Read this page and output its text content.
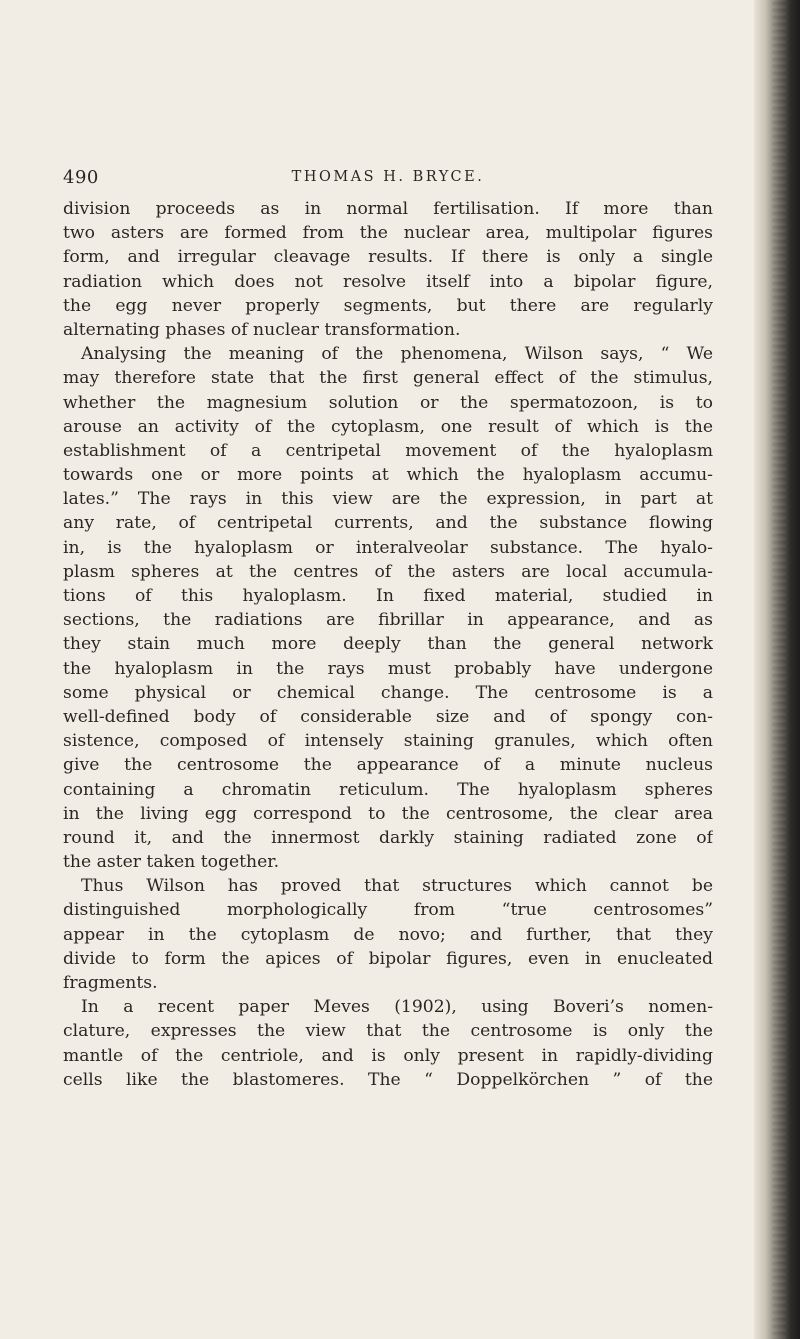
490	THOMAS H. BRYCE.
division proceeds as in normal fertilisation. If more than
two asters are formed from the nuclear area, multipolar figures
form, and irregular cleavage results. If there is only a single
radiation which does not resolve itself into a bipolar figure,
the egg never properly segments, but there are regularly
alternating phases of nuclear transformation.
Analysing the meaning of the phenomena, Wilson says, “ We
may therefore state that the first general effect of the stimulus,
whether the magnesium solution or the spermatozoon, is to
arouse an activity of the cytoplasm, one result of which is the
establishment of a centripetal movement of the hyaloplasm
towards one or more points at which the hyaloplasm accumu-
lates.” The rays in this view are the expression, in part at
any rate, of centripetal currents, and the substance flowing
in, is the hyaloplasm or interalveolar substance. The hyalo-
plasm spheres at the centres of the asters are local accumula-
tions of this hyaloplasm. In fixed material, studied in
sections, the radiations are fibrillar in appearance, and as
they stain much more deeply than the general network
the hyaloplasm in the rays must probably have undergone
some physical or chemical change. The centrosome is a
well-defined body of considerable size and of spongy con-
sistence, composed of intensely staining granules, which often
give the centrosome the appearance of a minute nucleus
containing a chromatin reticulum. The hyaloplasm spheres
in the living egg correspond to the centrosome, the clear area
round it, and the innermost darkly staining radiated zone of
the aster taken together.
Thus Wilson has proved that structures which cannot be
distinguished morphologically from “true centrosomes”
appear in the cytoplasm de novo; and further, that they
divide to form the apices of bipolar figures, even in enucleated
fragments.
In a recent paper Meves (1902), using Boveri’s nomen-
clature, expresses the view that the centrosome is only the
mantle of the centriole, and is only present in rapidly-dividing
cells like the blastomeres. The “ Doppelkörchen ” of the
